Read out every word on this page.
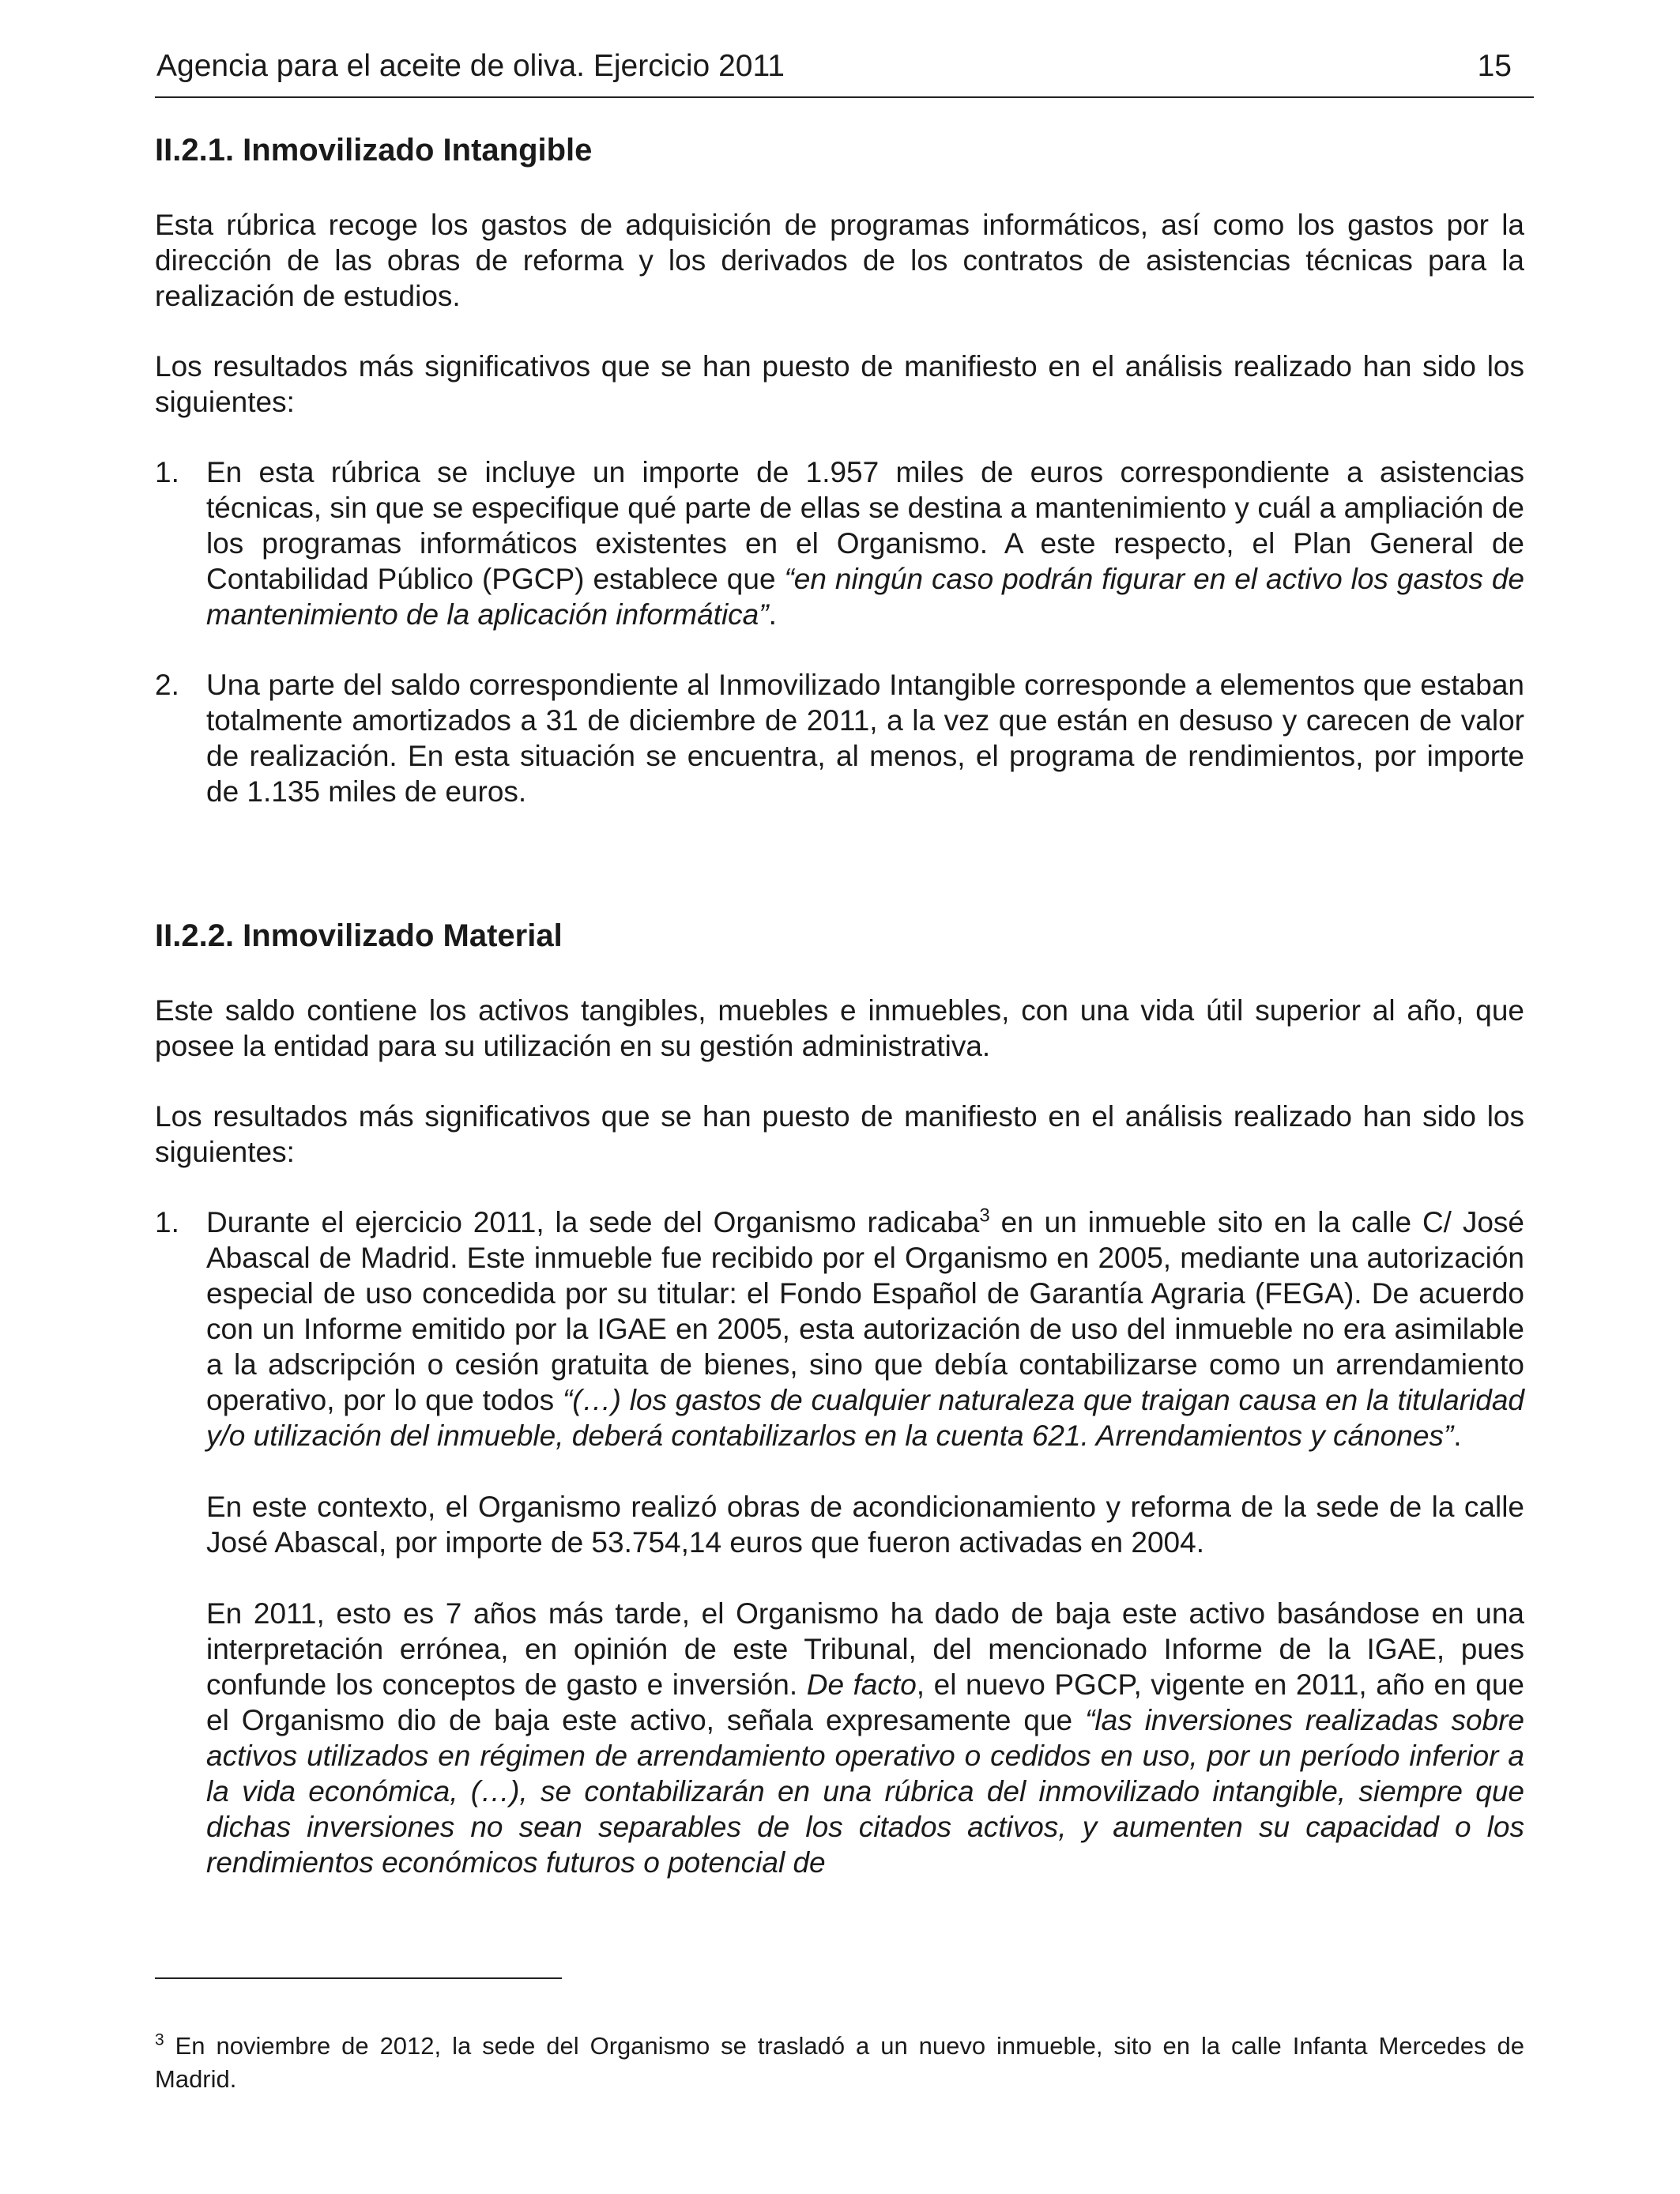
Agencia para el aceite de oliva. Ejercicio 2011	15
II.2.1. Inmovilizado Intangible

Esta rúbrica recoge los gastos de adquisición de programas informáticos, así como los gastos por la dirección de las obras de reforma y los derivados de los contratos de asistencias técnicas para la realización de estudios.

Los resultados más significativos que se han puesto de manifiesto en el análisis realizado han sido los siguientes:

1. En esta rúbrica se incluye un importe de 1.957 miles de euros correspondiente a asistencias técnicas, sin que se especifique qué parte de ellas se destina a mantenimiento y cuál a ampliación de los programas informáticos existentes en el Organismo. A este respecto, el Plan General de Contabilidad Público (PGCP) establece que “en ningún caso podrán figurar en el activo los gastos de mantenimiento de la aplicación informática”.

2. Una parte del saldo correspondiente al Inmovilizado Intangible corresponde a elementos que estaban totalmente amortizados a 31 de diciembre de 2011, a la vez que están en desuso y carecen de valor de realización. En esta situación se encuentra, al menos, el programa de rendimientos, por importe de 1.135 miles de euros.

II.2.2. Inmovilizado Material

Este saldo contiene los activos tangibles, muebles e inmuebles, con una vida útil superior al año, que posee la entidad para su utilización en su gestión administrativa.

Los resultados más significativos que se han puesto de manifiesto en el análisis realizado han sido los siguientes:

1. Durante el ejercicio 2011, la sede del Organismo radicaba$^3$ en un inmueble sito en la calle C/ José Abascal de Madrid. Este inmueble fue recibido por el Organismo en 2005, mediante una autorización especial de uso concedida por su titular: el Fondo Español de Garantía Agraria (FEGA). De acuerdo con un Informe emitido por la IGAE en 2005, esta autorización de uso del inmueble no era asimilable a la adscripción o cesión gratuita de bienes, sino que debía contabilizarse como un arrendamiento operativo, por lo que todos “(…) los gastos de cualquier naturaleza que traigan causa en la titularidad y/o utilización del inmueble, deberá contabilizarlos en la cuenta 621. Arrendamientos y cánones”.

En este contexto, el Organismo realizó obras de acondicionamiento y reforma de la sede de la calle José Abascal, por importe de 53.754,14 euros que fueron activadas en 2004.

En 2011, esto es 7 años más tarde, el Organismo ha dado de baja este activo basándose en una interpretación errónea, en opinión de este Tribunal, del mencionado Informe de la IGAE, pues confunde los conceptos de gasto e inversión. De facto, el nuevo PGCP, vigente en 2011, año en que el Organismo dio de baja este activo, señala expresamente que “las inversiones realizadas sobre activos utilizados en régimen de arrendamiento operativo o cedidos en uso, por un período inferior a la vida económica, (…), se contabilizarán en una rúbrica del inmovilizado intangible, siempre que dichas inversiones no sean separables de los citados activos, y aumenten su capacidad o los rendimientos económicos futuros o potencial de

$^3$ En noviembre de 2012, la sede del Organismo se trasladó a un nuevo inmueble, sito en la calle Infanta Mercedes de Madrid.
